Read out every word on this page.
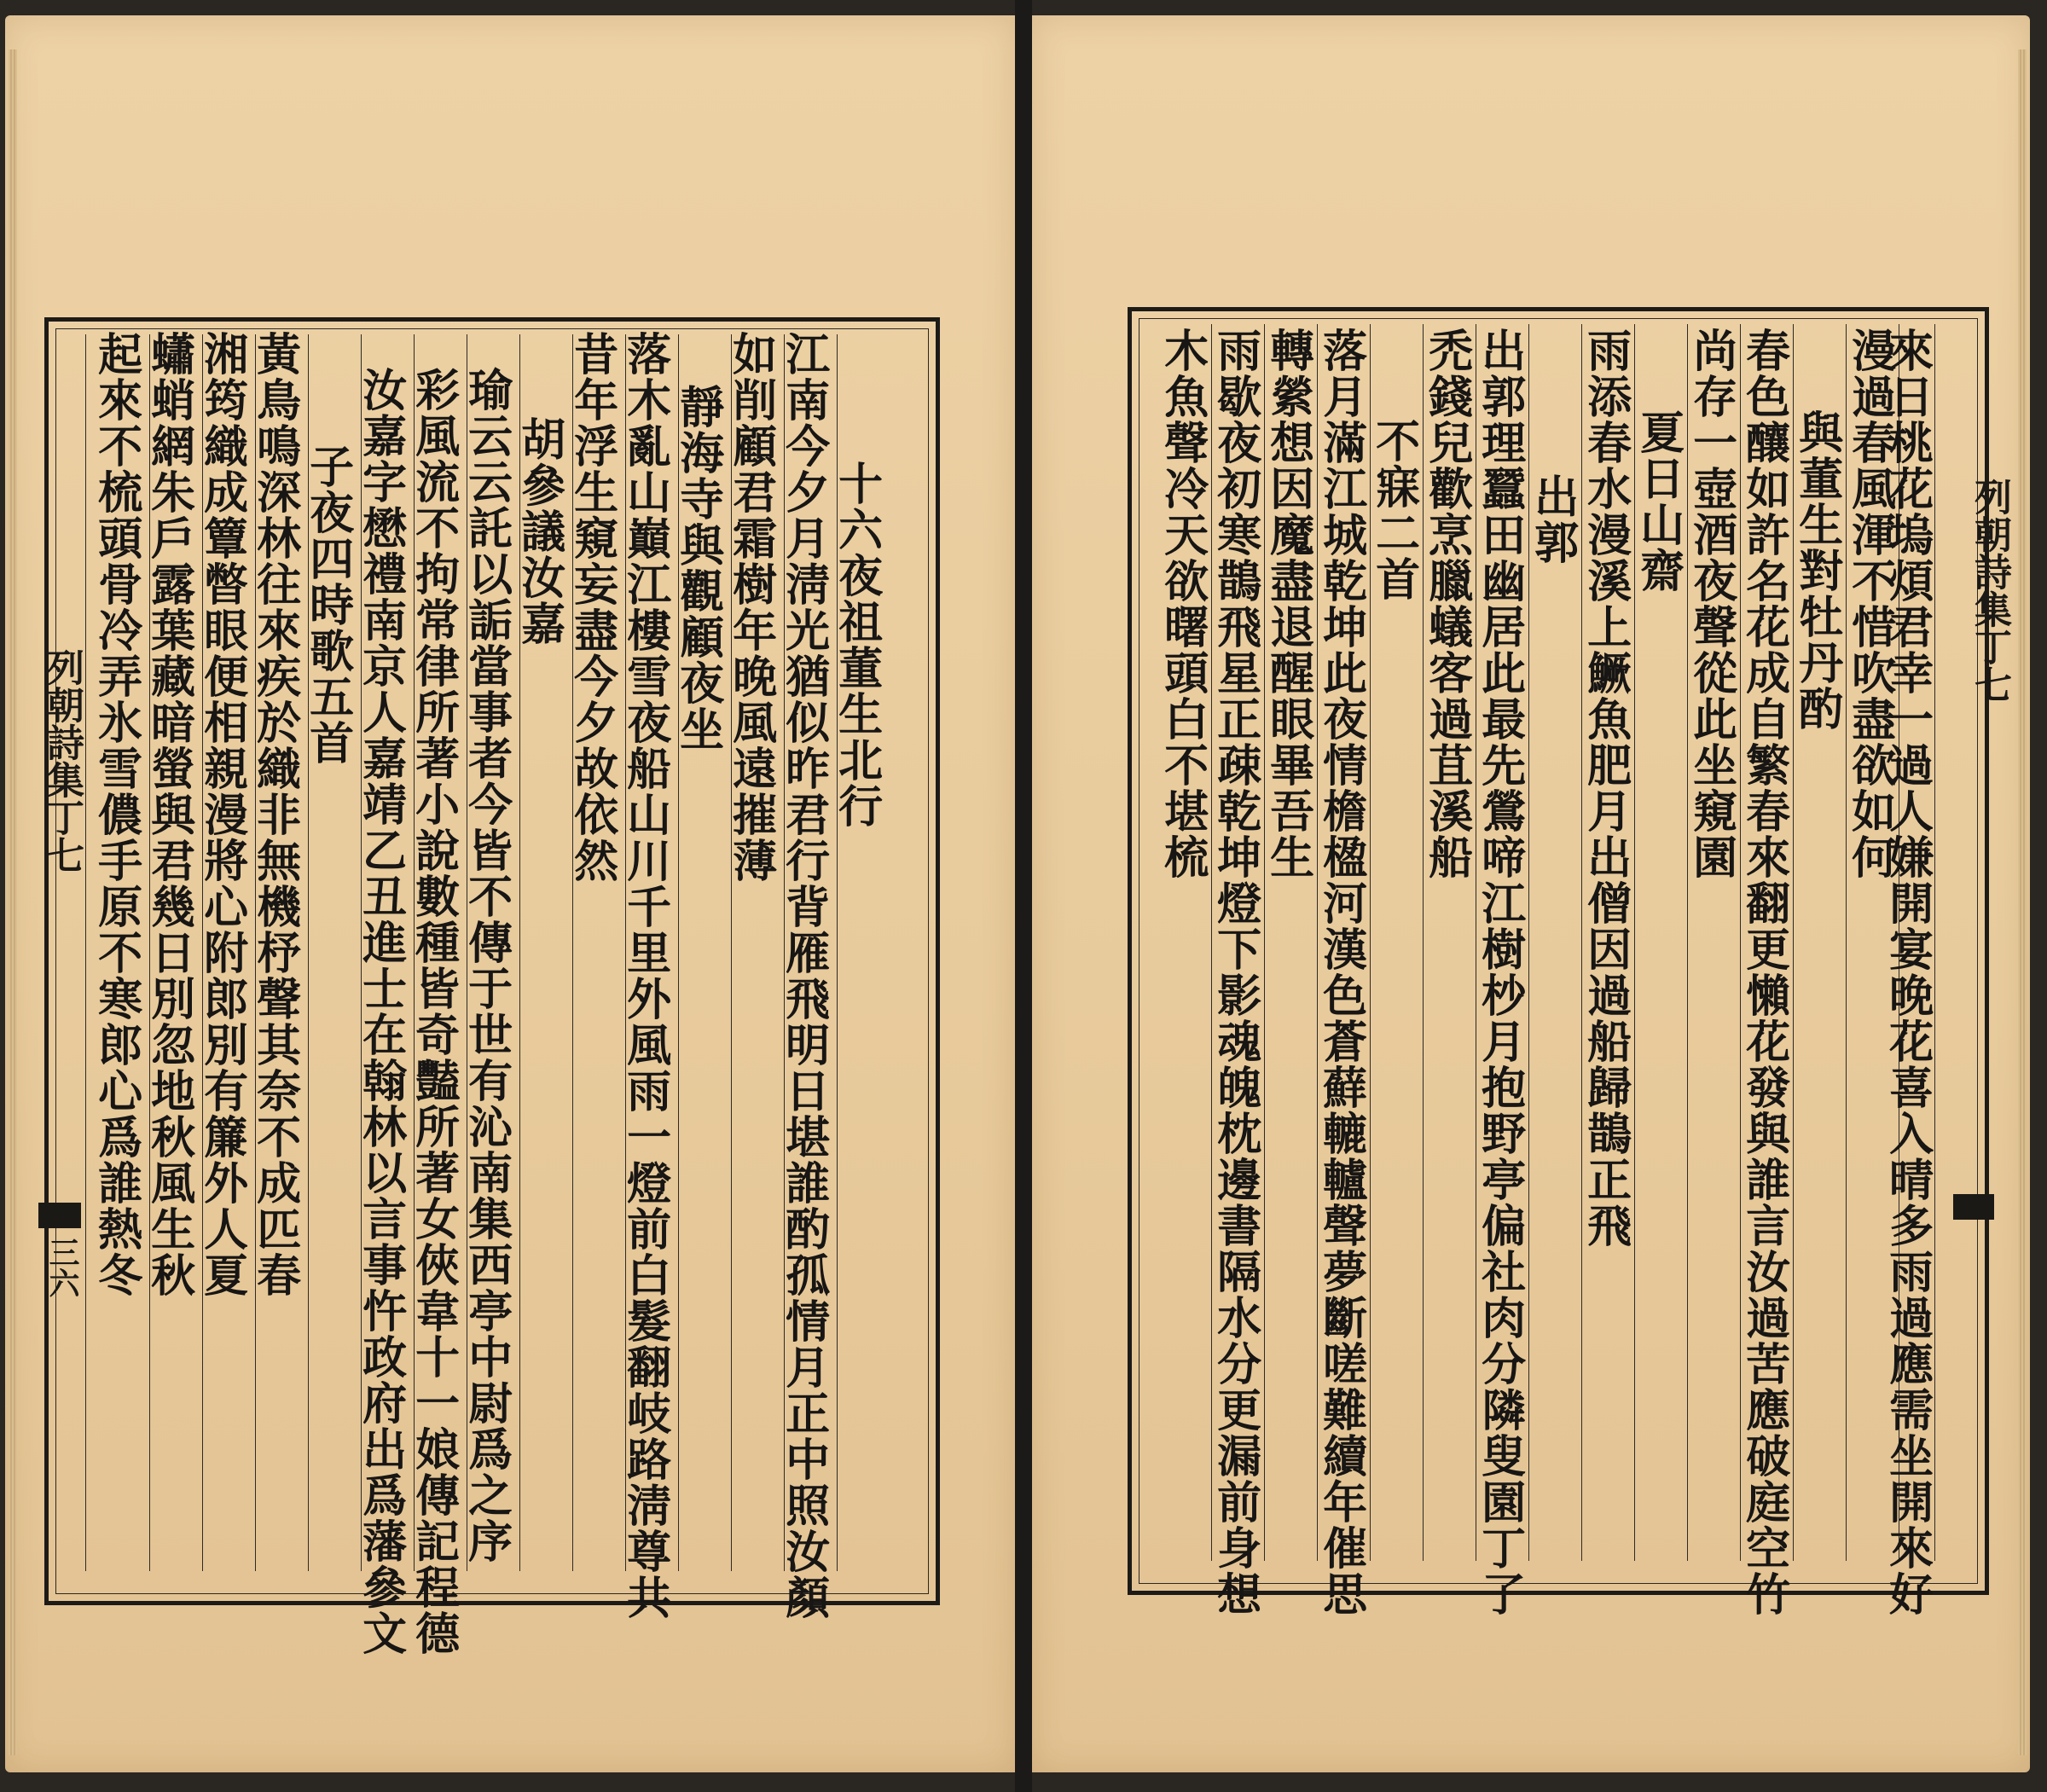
列朝詩集丁七
三六 起來不梳頭骨冷弄氷雪儂手原不寒郎心爲誰熱冬 蠨蛸網朱戶露葉藏暗螢與君幾日別忽地秋風生秋 湘筠織成簟暼眼便相親漫將心附郎別有簾外人夏 黃鳥鳴深林往來疾於織非無機杼聲其奈不成匹春 子夜四時歌五首 汝嘉字懋禮南京人嘉靖乙丑進士在翰林以言事忤政府出爲藩參文 彩風流不拘常律所著小說數種皆奇豔所著女俠韋十一娘傳記程德 瑜云云託以詬當事者今皆不傳于世有沁南集西亭中尉爲之序 胡參議汝嘉 昔年浮生窺妄盡今夕故依然 落木亂山巔江樓雪夜船山川千里外風雨一燈前白髮翻岐路淸尊共 靜海寺與觀顧夜坐 如削顧君霜樹年晚風遠摧薄 江南今夕月淸光猶似昨君行背雁飛明日堪誰酌孤情月正中照汝顏 十六夜祖董生北行	列朝詩集丁七
木魚聲冷天欲曙頭白不堪梳 雨歇夜初寒鵲飛星正疎乾坤燈下影魂魄枕邊書隔水分更漏前身想 轉縈想因魔盡退醒眼畢吾生 落月滿江城乾坤此夜情檐楹河漢色蒼蘚轆轤聲夢斷嗟難續年催思 不寐二首 禿錢兒歡烹臘蟻客過苴溪船 出郭理蠶田幽居此最先鶯啼江樹杪月抱野亭偏社肉分隣叟園丁了 出郭 雨添春水漫溪上鱖魚肥月出僧因過船歸鵲正飛 夏日山齋 尚存一壺酒夜聲從此坐窺園 春色釀如許名花成自繁春來翻更懶花發與誰言汝過苦應破庭空竹 與董生對牡丹酌 漫過春風渾不惜吹盡欲如何
來日桃花塢煩君幸一過人嫌開宴晚花喜入晴多雨過應需坐開來好
